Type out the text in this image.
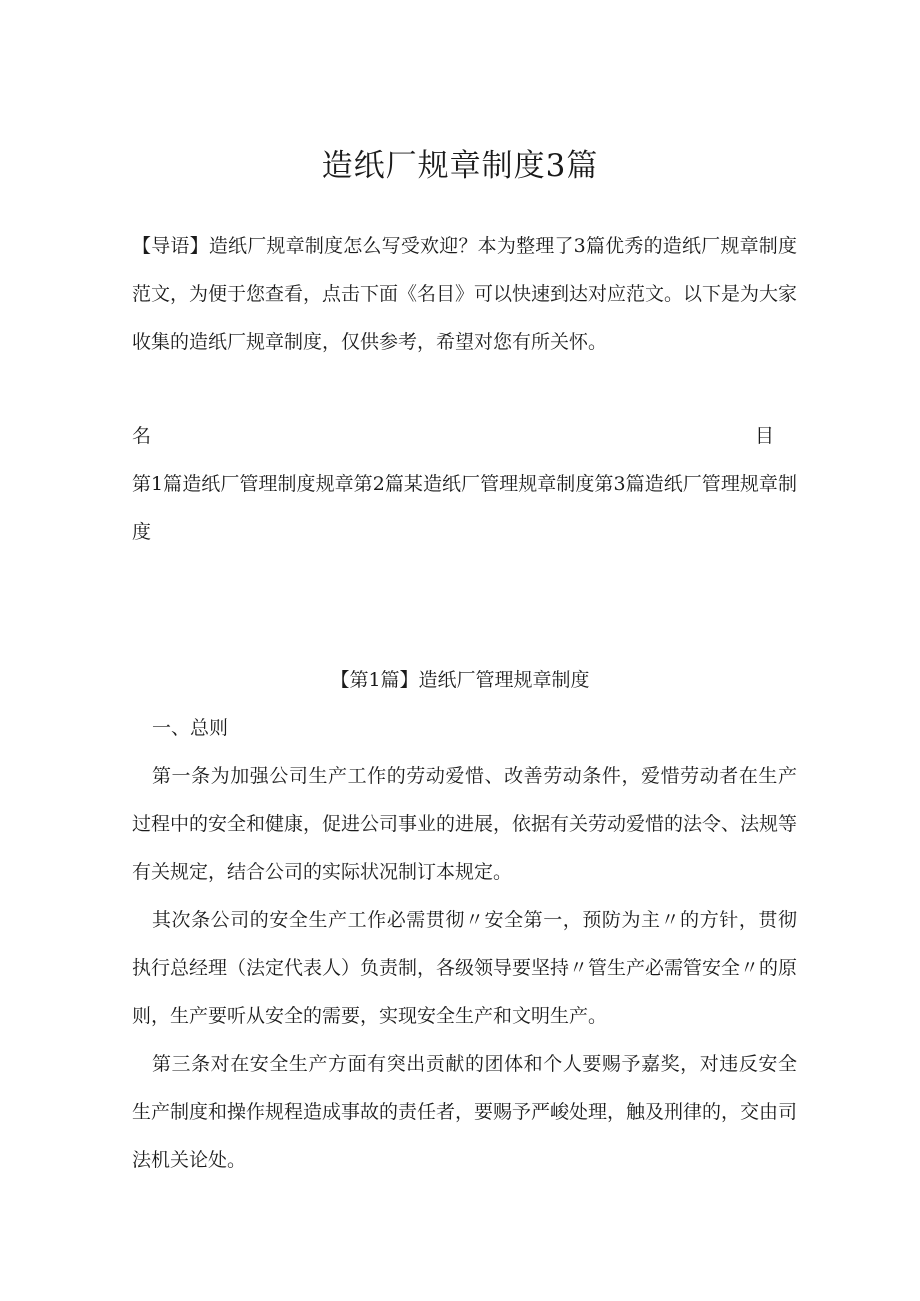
造纸厂规章制度3篇

【导语】造纸厂规章制度怎么写受欢迎？本为整理了3篇优秀的造纸厂规章制度范文，为便于您查看，点击下面《名目》可以快速到达对应范文。以下是为大家收集的造纸厂规章制度，仅供参考，希望对您有所关怀。

名	目

第1篇造纸厂管理制度规章第2篇某造纸厂管理规章制度第3篇造纸厂管理规章制度

【第1篇】造纸厂管理规章制度

一、总则

第一条为加强公司生产工作的劳动爱惜、改善劳动条件，爱惜劳动者在生产过程中的安全和健康，促进公司事业的进展，依据有关劳动爱惜的法令、法规等有关规定，结合公司的实际状况制订本规定。

其次条公司的安全生产工作必需贯彻〃安全第一，预防为主〃的方针，贯彻执行总经理（法定代表人）负责制，各级领导要坚持〃管生产必需管安全〃的原则，生产要听从安全的需要，实现安全生产和文明生产。

第三条对在安全生产方面有突出贡献的团体和个人要赐予嘉奖，对违反安全生产制度和操作规程造成事故的责任者，要赐予严峻处理，触及刑律的，交由司法机关论处。
